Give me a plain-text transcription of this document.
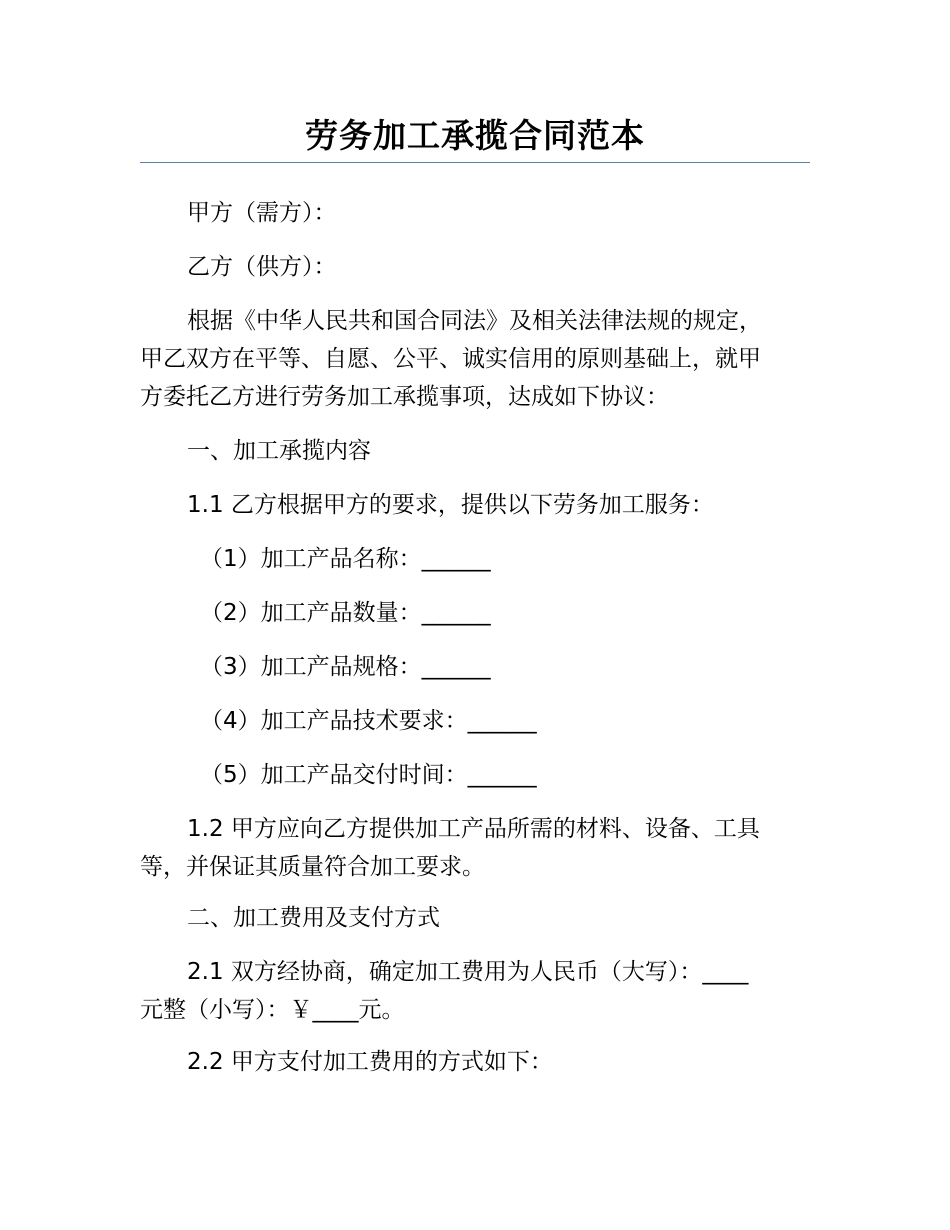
劳务加工承揽合同范本

甲方（需方）：

乙方（供方）：

根据《中华人民共和国合同法》及相关法律法规的规定，

甲乙双方在平等、自愿、公平、诚实信用的原则基础上，就甲

方委托乙方进行劳务加工承揽事项，达成如下协议：

一、加工承揽内容

1.1 乙方根据甲方的要求，提供以下劳务加工服务：

（1）加工产品名称：______

（2）加工产品数量：______

（3）加工产品规格：______

（4）加工产品技术要求：______

（5）加工产品交付时间：______

1.2 甲方应向乙方提供加工产品所需的材料、设备、工具

等，并保证其质量符合加工要求。

二、加工费用及支付方式

2.1 双方经协商，确定加工费用为人民币（大写）：____

元整（小写）：￥____元。

2.2 甲方支付加工费用的方式如下：
